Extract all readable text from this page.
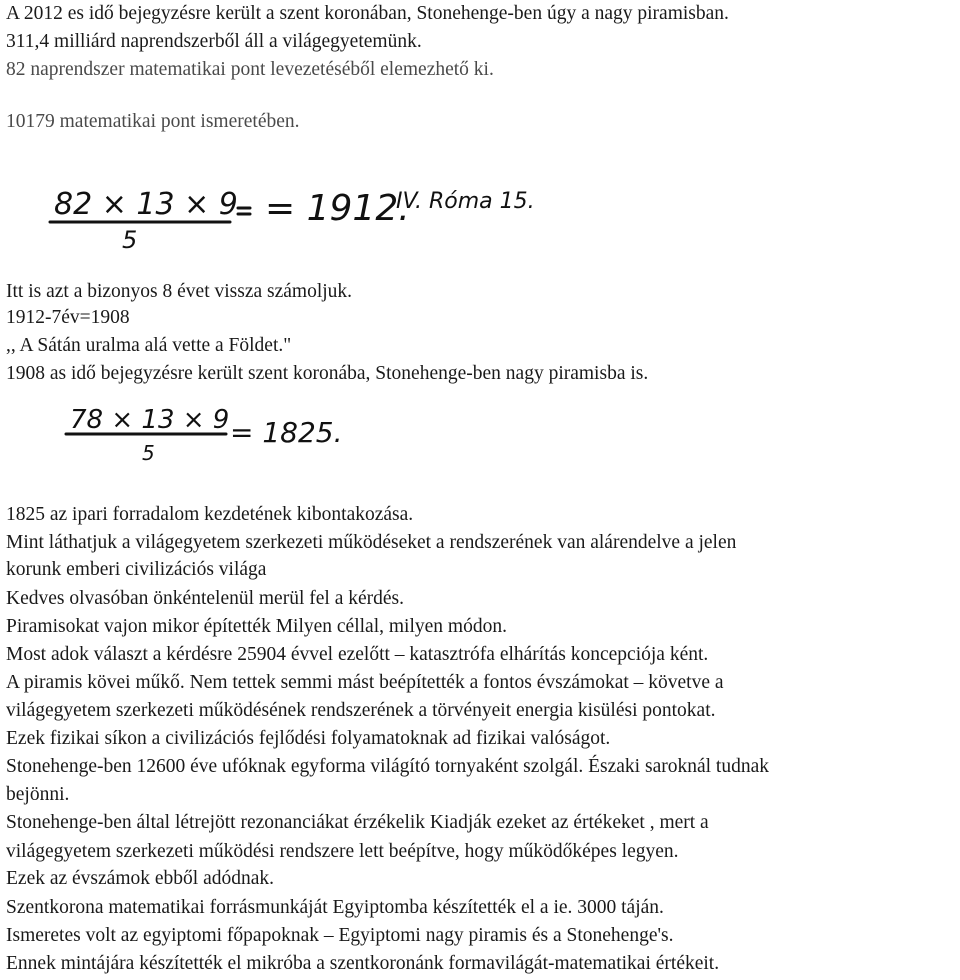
A 2012 es idő bejegyzésre került a szent koronában, Stonehenge-ben úgy a nagy piramisban.
311,4 milliárd naprendszerből áll a világegyetemünk.
82 naprendszer matematikai pont levezetéséből elemezhető ki.
10179 matematikai pont ismeretében.
82 × 13 × 9
5
= 1912.
IV. Róma 15.
Itt is azt a bizonyos 8 évet vissza számoljuk.
1912-7év=1908
,, A Sátán uralma alá vette a Földet."
1908 as idő bejegyzésre került szent koronába, Stonehenge-ben nagy piramisba is.
78 × 13 × 9
5
= 1825.
1825 az ipari forradalom kezdetének kibontakozása.
Mint láthatjuk a világegyetem szerkezeti működéseket a rendszerének van alárendelve a jelen
korunk emberi civilizációs világa
Kedves olvasóban önkéntelenül merül fel a kérdés.
Piramisokat vajon mikor építették Milyen céllal, milyen módon.
Most adok választ a kérdésre 25904 évvel ezelőtt – katasztrófa elhárítás koncepciója ként.
A piramis kövei műkő. Nem tettek semmi mást beépítették a fontos évszámokat – követve a
világegyetem szerkezeti működésének rendszerének a törvényeit energia kisülési pontokat.
Ezek fizikai síkon a civilizációs fejlődési folyamatoknak ad fizikai valóságot.
Stonehenge-ben 12600 éve ufóknak egyforma világító tornyaként szolgál. Északi saroknál tudnak
bejönni.
Stonehenge-ben által létrejött rezonanciákat érzékelik Kiadják ezeket az értékeket , mert a
világegyetem szerkezeti működési rendszere lett beépítve, hogy működőképes legyen.
Ezek az évszámok ebből adódnak.
Szentkorona matematikai forrásmunkáját Egyiptomba készítették el a ie. 3000 táján.
Ismeretes volt az egyiptomi főpapoknak – Egyiptomi nagy piramis és a Stonehenge's.
Ennek mintájára készítették el mikróba a szentkoronánk formavilágát-matematikai értékeit.
